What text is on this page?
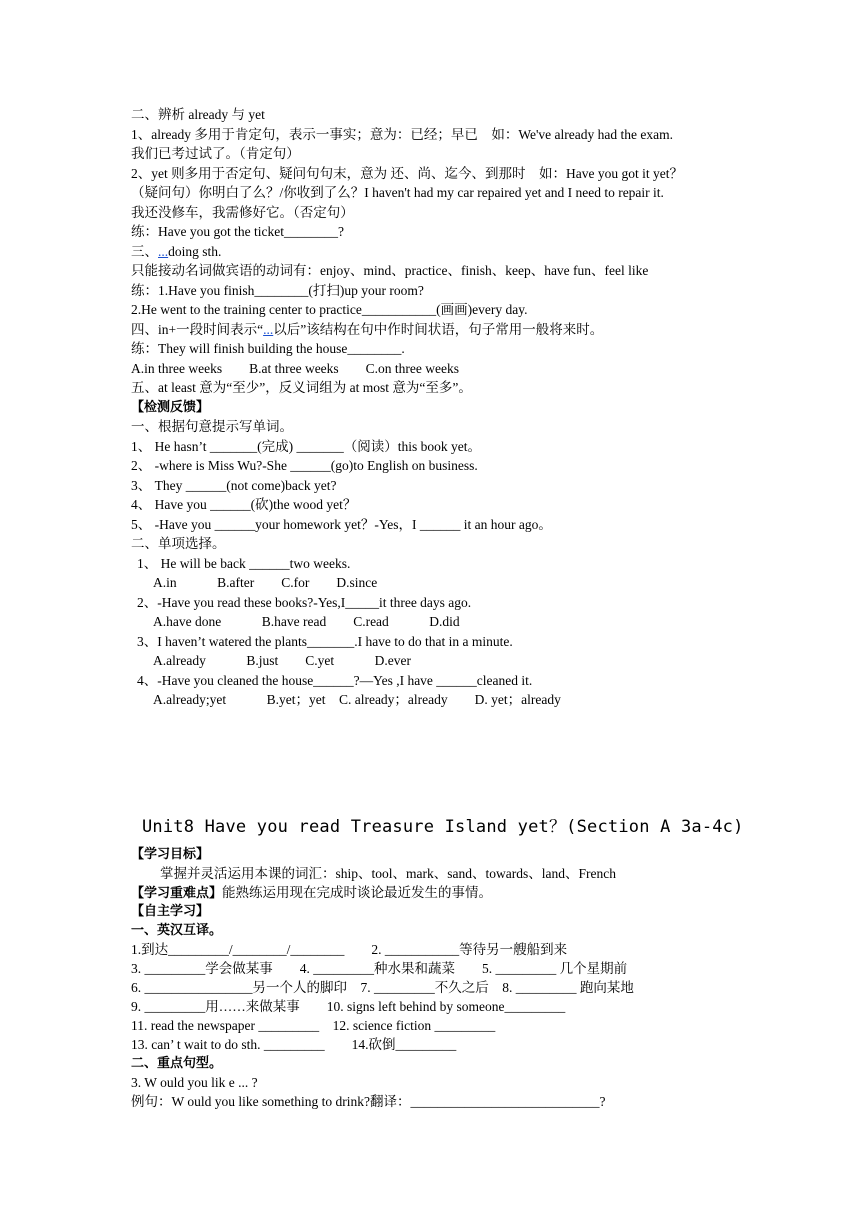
二、辨析 already 与 yet
1、already 多用于肯定句，表示一事实；意为：已经；早已　如：We've already had the exam.
我们已考过试了。（肯定句）
2、yet 则多用于否定句、疑问句句末，意为 还、尚、迄今、到那时　如：Have you got it yet？
（疑问句）你明白了么？/你收到了么？I haven't had my car repaired yet and I need to repair it.
我还没修车，我需修好它。（否定句）
练：Have you got the ticket________?
三、...doing sth.
只能接动名词做宾语的动词有：enjoy、mind、practice、finish、keep、have fun、feel like
练：1.Have you finish________(打扫)up your room?
2.He went to the training center to practice___________(画画)every day.
四、in+一段时间表示“...以后”该结构在句中作时间状语，句子常用一般将来时。
练：They will finish building the house________.
A.in three weeks　　B.at three weeks　　C.on three weeks
五、at least 意为“至少”，反义词组为 at most 意为“至多”。
【检测反馈】
一、根据句意提示写单词。
1、 He hasn’t _______(完成) _______（阅读）this book yet。
2、 -where is Miss Wu?-She ______(go)to English on business.
3、 They ______(not come)back yet?
4、 Have you ______(砍)the wood yet？
5、 -Have you ______your homework yet？-Yes，I ______ it an hour ago。
二、单项选择。
1、 He will be back ______two weeks.
A.in　　　B.after　　C.for　　D.since
2、-Have you read these books?-Yes,I_____it three days ago.
A.have done　　　B.have read　　C.read　　　D.did
3、I haven’t watered the plants_______.I have to do that in a minute.
A.already　　　B.just　　C.yet　　　D.ever
4、-Have you cleaned the house______?—Yes ,I have ______cleaned it.
A.already;yet　　　B.yet；yet　C. already；already　　D. yet；already
Unit8 Have you read Treasure Island yet？(Section A 3a-4c)
【学习目标】
掌握并灵活运用本课的词汇：ship、tool、mark、sand、towards、land、French
【学习重难点】能熟练运用现在完成时谈论最近发生的事情。
【自主学习】
一、英汉互译。
1.到达_________/________/________　　2. ___________等待另一艘船到来
3. _________学会做某事　　4. _________种水果和蔬菜　　5. _________ 几个星期前
6. ________________另一个人的脚印　7. _________不久之后　8. _________ 跑向某地
9. _________用……来做某事　　10. signs left behind by someone_________
11. read the newspaper _________　12. science fiction _________
13. can’ t wait to do sth. _________　　14.砍倒_________
二、重点句型。
3. W ould you lik e ... ?
例句：W ould you like something to drink?翻译：____________________________?
